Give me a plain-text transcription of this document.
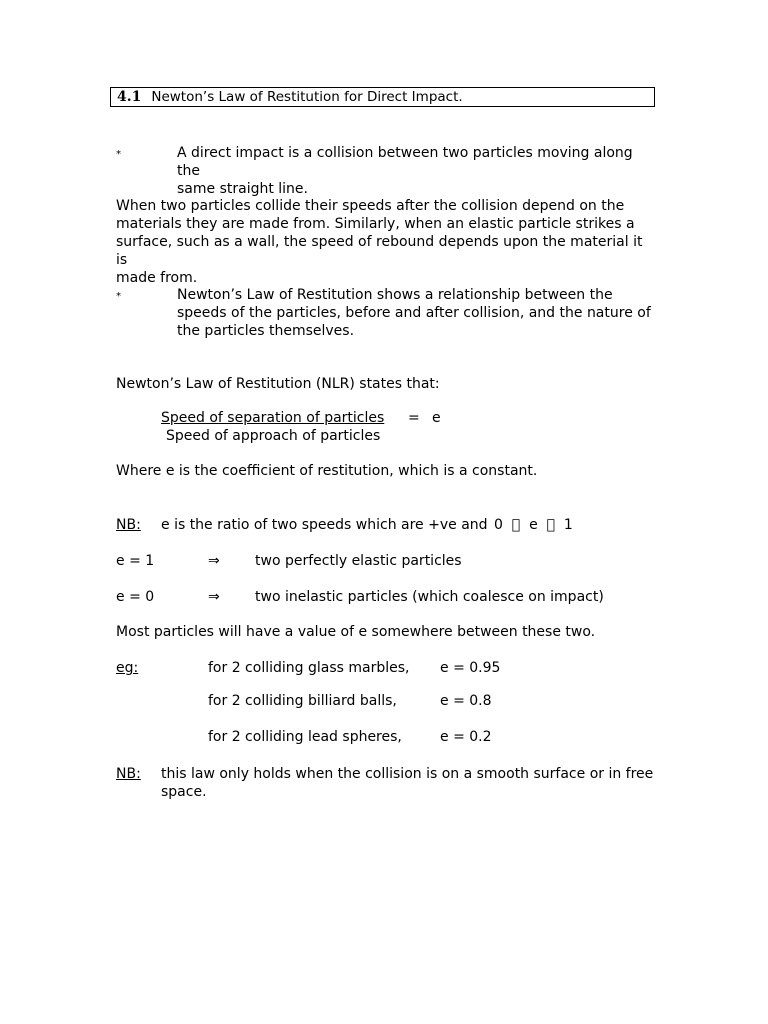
4.1 Newton’s Law of Restitution for Direct Impact.
*	A direct impact is a collision between two particles moving along the
same straight line.
When two particles collide their speeds after the collision depend on the
materials they are made from. Similarly, when an elastic particle strikes a
surface, such as a wall, the speed of rebound depends upon the material it is
made from.
*	Newton’s Law of Restitution shows a relationship between the
speeds of the particles, before and after collision, and the nature of
the particles themselves.
Newton’s Law of Restitution (NLR) states that:
Speed of separation of particles = e
Speed of approach of particles
Where e is the coefficient of restitution, which is a constant.
NB: e is the ratio of two speeds which are +ve and 0     e     1
e = 1	⇒	two perfectly elastic particles
e = 0	⇒	two inelastic particles (which coalesce on impact)
Most particles will have a value of e somewhere between these two.
eg:	for 2 colliding glass marbles, e = 0.95
for 2 colliding billiard balls,	e = 0.8
for 2 colliding lead spheres,	e = 0.2
NB: this law only holds when the collision is on a smooth surface or in free
space.
